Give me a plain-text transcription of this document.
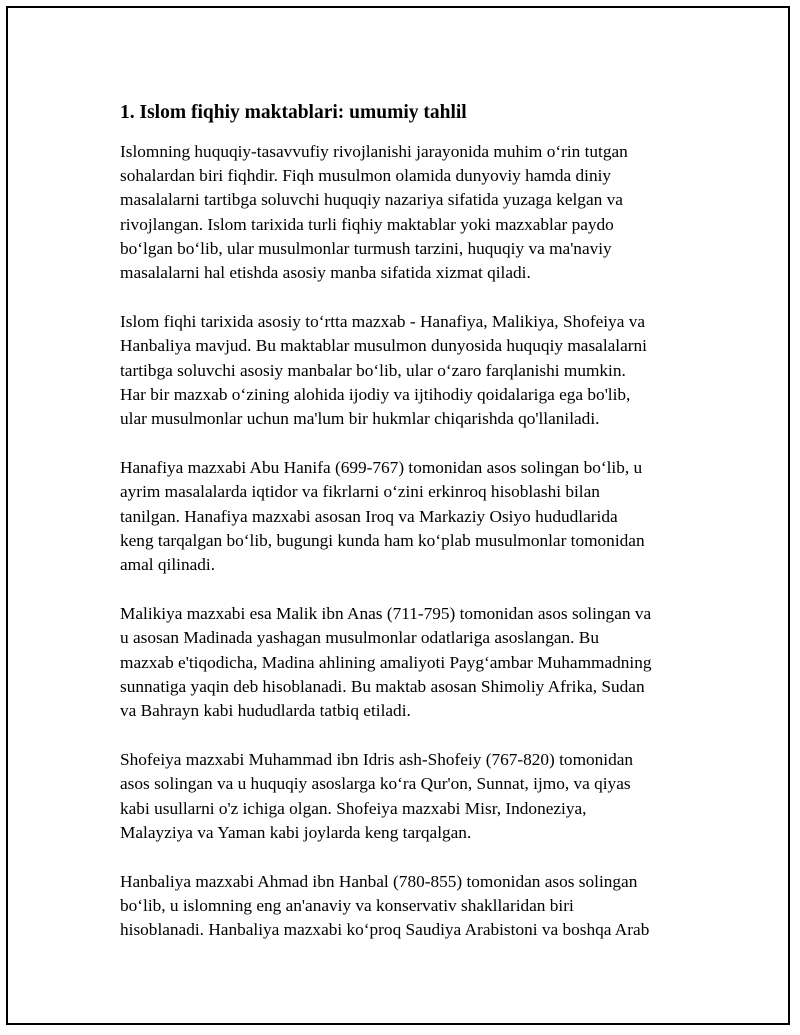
1. Islom fiqhiy maktablari: umumiy tahlil

Islomning huquqiy-tasavvufiy rivojlanishi jarayonida muhim o‘rin tutgan
sohalardan biri fiqhdir. Fiqh musulmon olamida dunyoviy hamda diniy
masalalarni tartibga soluvchi huquqiy nazariya sifatida yuzaga kelgan va
rivojlangan. Islom tarixida turli fiqhiy maktablar yoki mazxablar paydo
bo‘lgan bo‘lib, ular musulmonlar turmush tarzini, huquqiy va ma'naviy
masalalarni hal etishda asosiy manba sifatida xizmat qiladi.

Islom fiqhi tarixida asosiy to‘rtta mazxab - Hanafiya, Malikiya, Shofeiya va
Hanbaliya mavjud. Bu maktablar musulmon dunyosida huquqiy masalalarni
tartibga soluvchi asosiy manbalar bo‘lib, ular o‘zaro farqlanishi mumkin.
Har bir mazxab o‘zining alohida ijodiy va ijtihodiy qoidalariga ega bo'lib,
ular musulmonlar uchun ma'lum bir hukmlar chiqarishda qo'llaniladi.

Hanafiya mazxabi Abu Hanifa (699-767) tomonidan asos solingan bo‘lib, u
ayrim masalalarda iqtidor va fikrlarni o‘zini erkinroq hisoblashi bilan
tanilgan. Hanafiya mazxabi asosan Iroq va Markaziy Osiyo hududlarida
keng tarqalgan bo‘lib, bugungi kunda ham ko‘plab musulmonlar tomonidan
amal qilinadi.

Malikiya mazxabi esa Malik ibn Anas (711-795) tomonidan asos solingan va
u asosan Madinada yashagan musulmonlar odatlariga asoslangan. Bu
mazxab e'tiqodicha, Madina ahlining amaliyoti Payg‘ambar Muhammadning
sunnatiga yaqin deb hisoblanadi. Bu maktab asosan Shimoliy Afrika, Sudan
va Bahrayn kabi hududlarda tatbiq etiladi.

Shofeiya mazxabi Muhammad ibn Idris ash-Shofeiy (767-820) tomonidan
asos solingan va u huquqiy asoslarga ko‘ra Qur'on, Sunnat, ijmo, va qiyas
kabi usullarni o'z ichiga olgan. Shofeiya mazxabi Misr, Indoneziya,
Malayziya va Yaman kabi joylarda keng tarqalgan.

Hanbaliya mazxabi Ahmad ibn Hanbal (780-855) tomonidan asos solingan
bo‘lib, u islomning eng an'anaviy va konservativ shakllaridan biri
hisoblanadi. Hanbaliya mazxabi ko‘proq Saudiya Arabistoni va boshqa Arab
